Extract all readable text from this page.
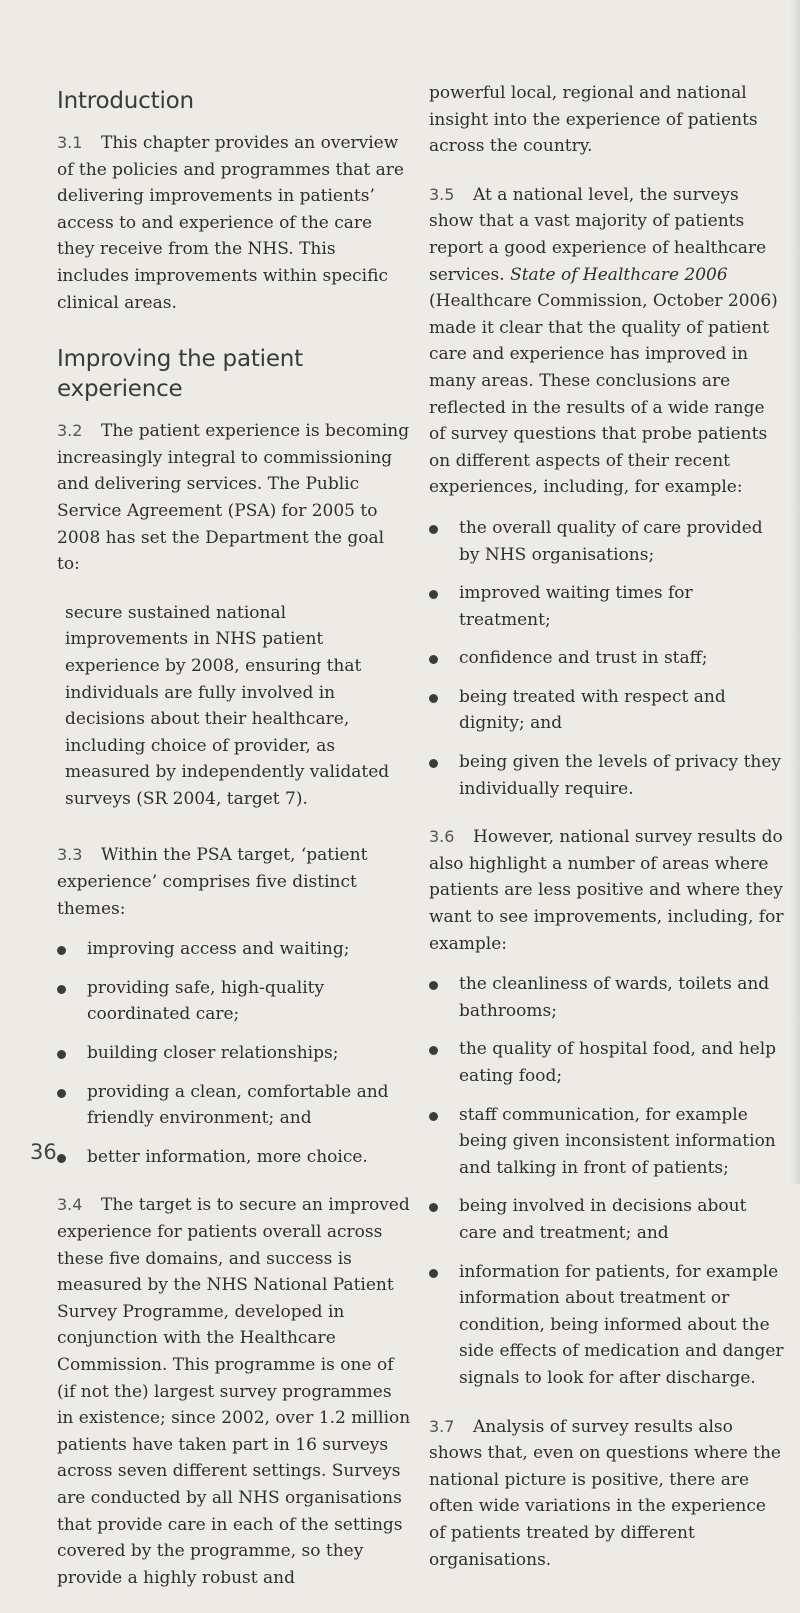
Introduction

3.1 This chapter provides an overview of the policies and programmes that are delivering improvements in patients’ access to and experience of the care they receive from the NHS. This includes improvements within specific clinical areas.

Improving the patient experience

3.2 The patient experience is becoming increasingly integral to commissioning and delivering services. The Public Service Agreement (PSA) for 2005 to 2008 has set the Department the goal to:

secure sustained national improvements in NHS patient experience by 2008, ensuring that individuals are fully involved in decisions about their healthcare, including choice of provider, as measured by independently validated surveys (SR 2004, target 7).

3.3 Within the PSA target, ‘patient experience’ comprises five distinct themes:

improving access and waiting;
providing safe, high-quality coordinated care;
building closer relationships;
providing a clean, comfortable and friendly environment; and
better information, more choice.

3.4 The target is to secure an improved experience for patients overall across these five domains, and success is measured by the NHS National Patient Survey Programme, developed in conjunction with the Healthcare Commission. This programme is one of (if not the) largest survey programmes in existence; since 2002, over 1.2 million patients have taken part in 16 surveys across seven different settings. Surveys are conducted by all NHS organisations that provide care in each of the settings covered by the programme, so they provide a highly robust and

powerful local, regional and national insight into the experience of patients across the country.

3.5 At a national level, the surveys show that a vast majority of patients report a good experience of healthcare services. State of Healthcare 2006 (Healthcare Commission, October 2006) made it clear that the quality of patient care and experience has improved in many areas. These conclusions are reflected in the results of a wide range of survey questions that probe patients on different aspects of their recent experiences, including, for example:

the overall quality of care provided by NHS organisations;
improved waiting times for treatment;
confidence and trust in staff;
being treated with respect and dignity; and
being given the levels of privacy they individually require.

3.6 However, national survey results do also highlight a number of areas where patients are less positive and where they want to see improvements, including, for example:

the cleanliness of wards, toilets and bathrooms;
the quality of hospital food, and help eating food;
staff communication, for example being given inconsistent information and talking in front of patients;
being involved in decisions about care and treatment; and
information for patients, for example information about treatment or condition, being informed about the side effects of medication and danger signals to look for after discharge.

3.7 Analysis of survey results also shows that, even on questions where the national picture is positive, there are often wide variations in the experience of patients treated by different organisations.

36
